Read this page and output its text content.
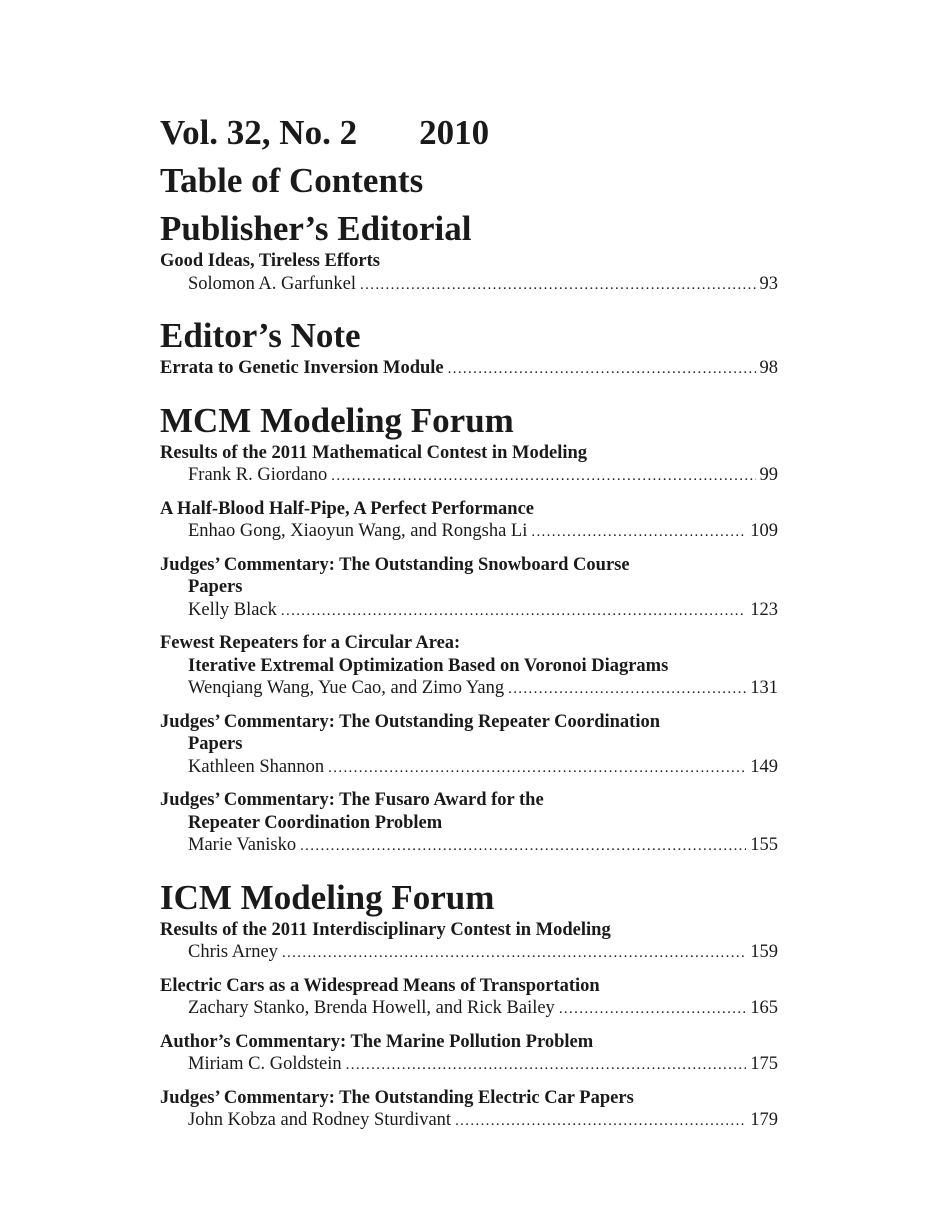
Vol. 32, No. 2 2010
Table of Contents
Publisher’s Editorial
Good Ideas, Tireless Efforts
Solomon A. Garfunkel . . .	93
Editor’s Note
Errata to Genetic Inversion Module . . .	98
MCM Modeling Forum
Results of the 2011 Mathematical Contest in Modeling
Frank R. Giordano . . .	99
A Half-Blood Half-Pipe, A Perfect Performance
Enhao Gong, Xiaoyun Wang, and Rongsha Li . . .	109
Judges’ Commentary: The Outstanding Snowboard Course
Papers
Kelly Black . . .	123
Fewest Repeaters for a Circular Area:
Iterative Extremal Optimization Based on Voronoi Diagrams
Wenqiang Wang, Yue Cao, and Zimo Yang . . .	131
Judges’ Commentary: The Outstanding Repeater Coordination
Papers
Kathleen Shannon . . .	149
Judges’ Commentary: The Fusaro Award for the
Repeater Coordination Problem
Marie Vanisko . . .	155
ICM Modeling Forum
Results of the 2011 Interdisciplinary Contest in Modeling
Chris Arney . . .	159
Electric Cars as a Widespread Means of Transportation
Zachary Stanko, Brenda Howell, and Rick Bailey . . .	165
Author’s Commentary: The Marine Pollution Problem
Miriam C. Goldstein . . .	175
Judges’ Commentary: The Outstanding Electric Car Papers
John Kobza and Rodney Sturdivant . . .	179
